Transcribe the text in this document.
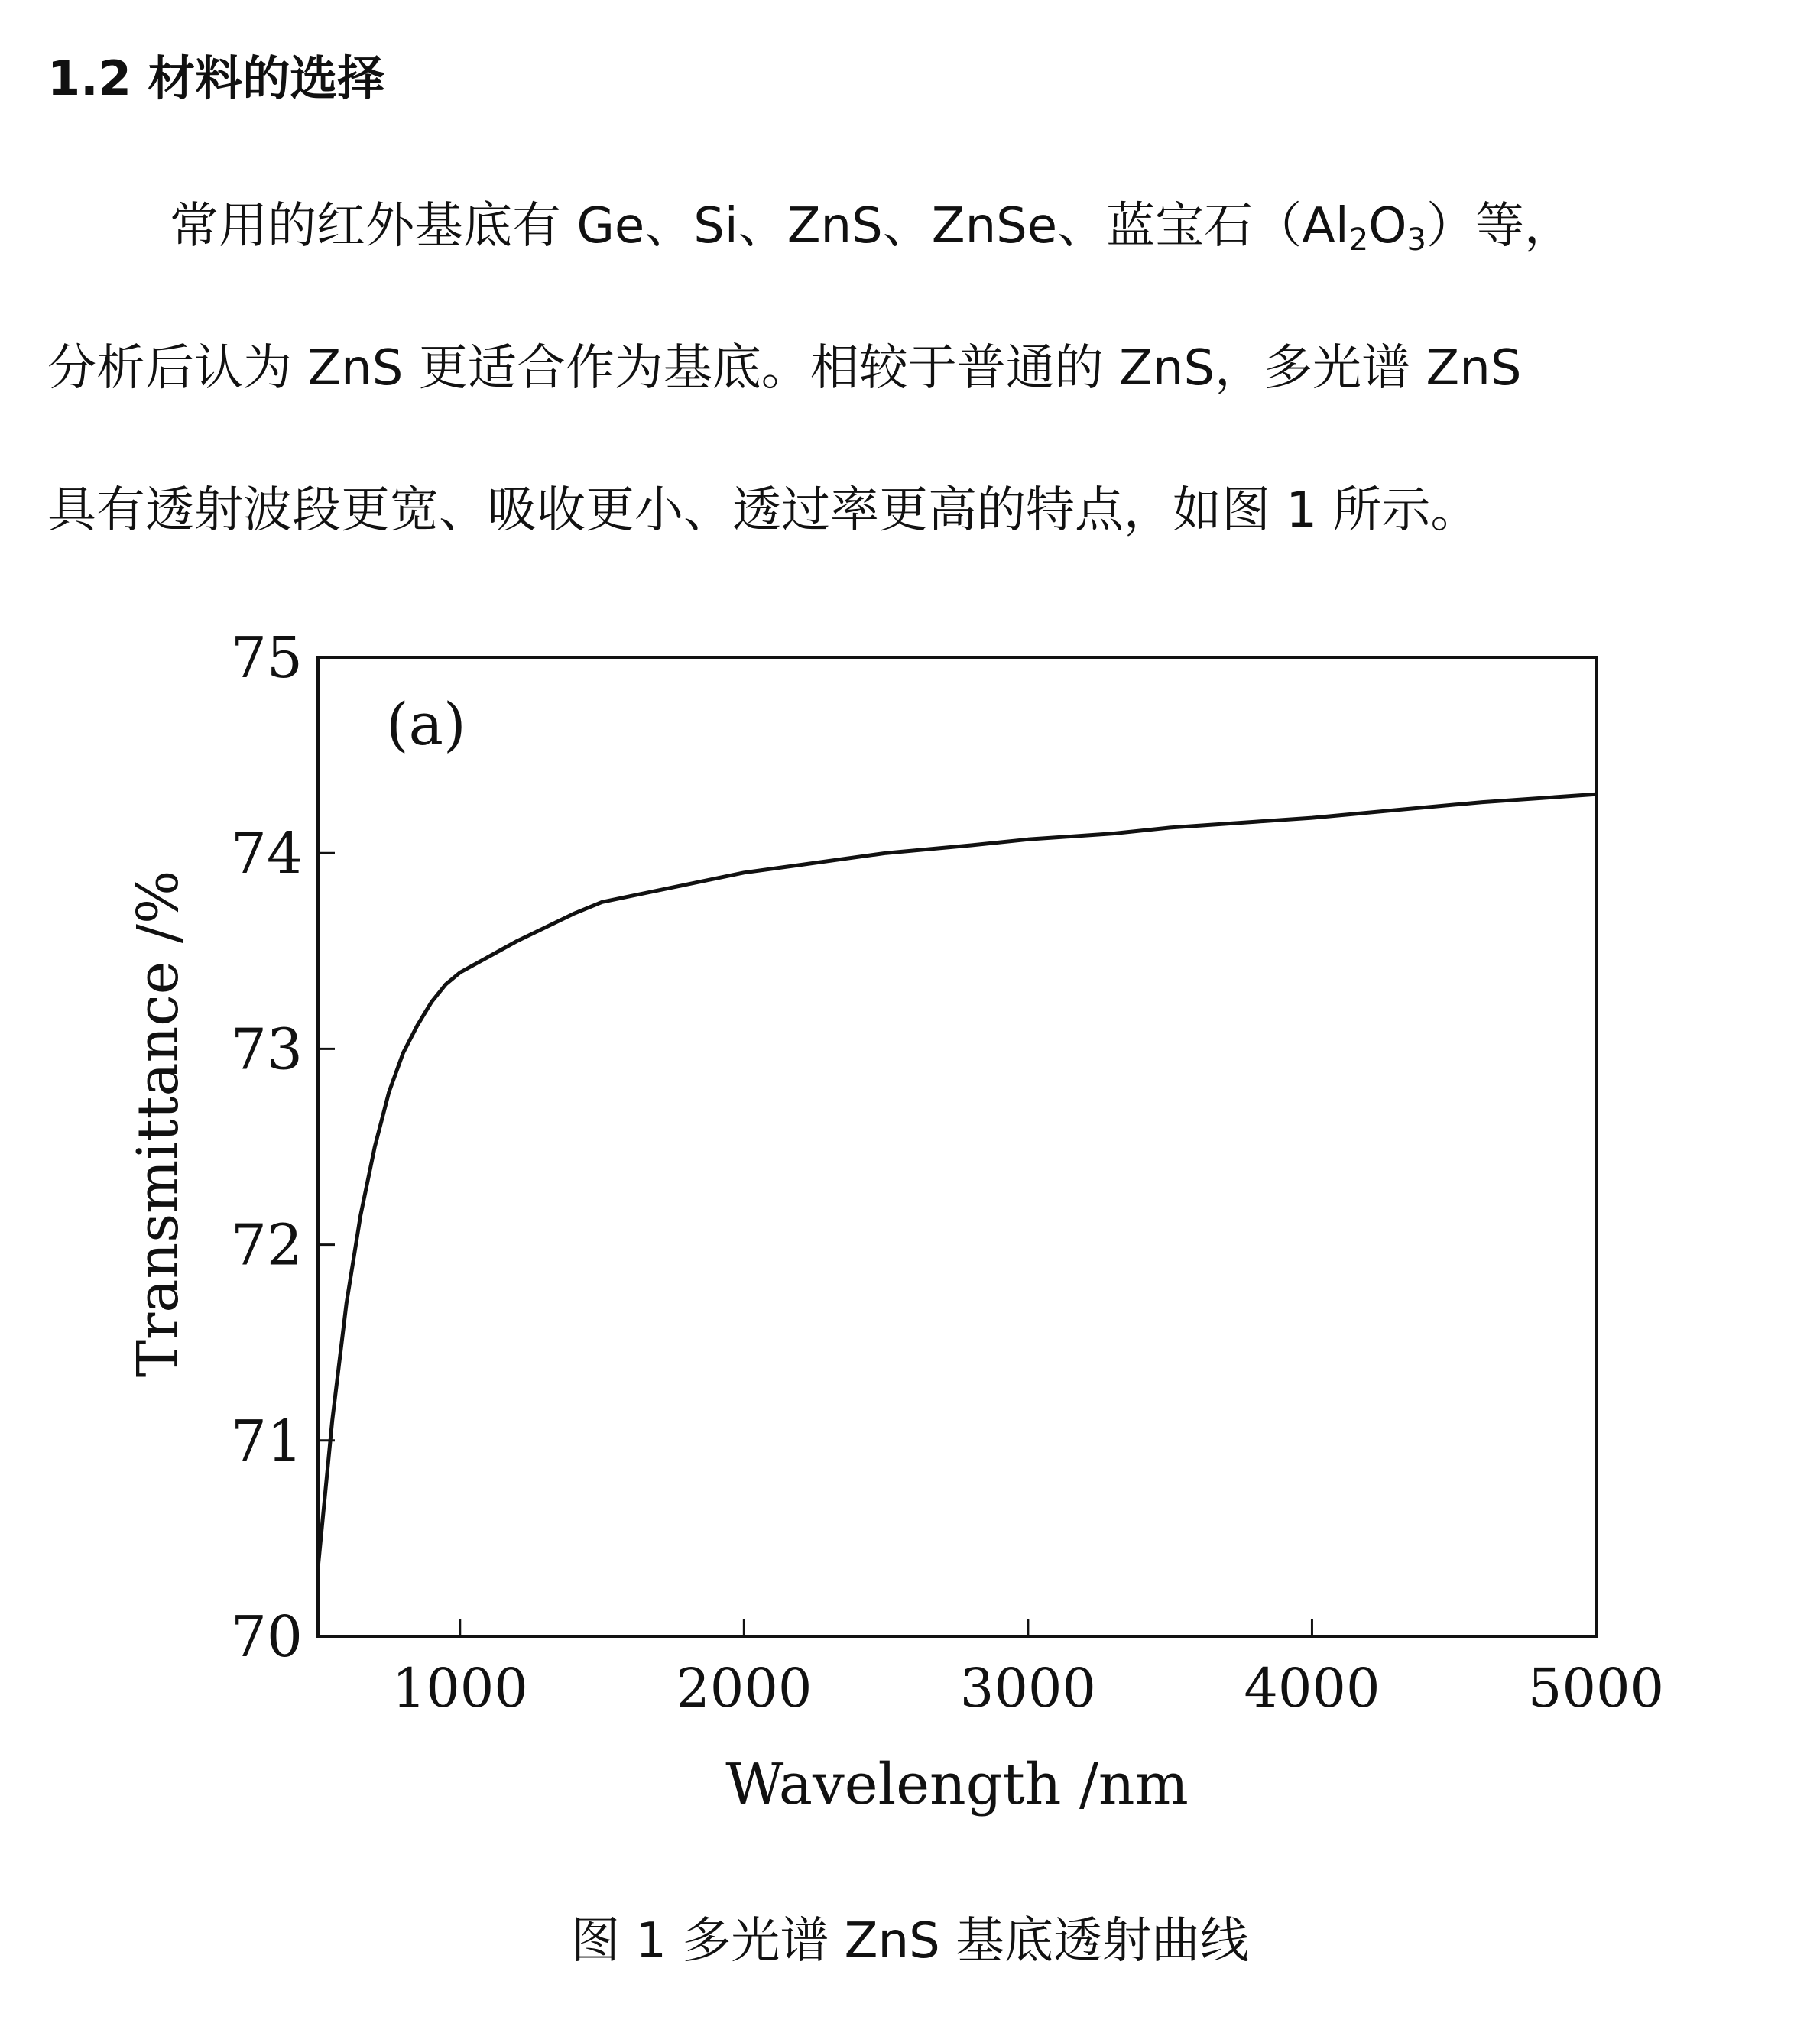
1.2 材料的选择
常用的红外基底有 Ge、Si、ZnS、ZnSe、蓝宝石$(Al_2O_3)$等，
分析后认为 ZnS 更适合作为基底。相较于普通的 ZnS，多光谱 ZnS
具有透射波段更宽、吸收更小、透过率更高的特点，如图 1 所示。
1000	2000	3000	4000	5000
70
71
72
73
74
75
Wavelength /nm
Transmittance /%
(a)
图 1 多光谱 ZnS 基底透射曲线
